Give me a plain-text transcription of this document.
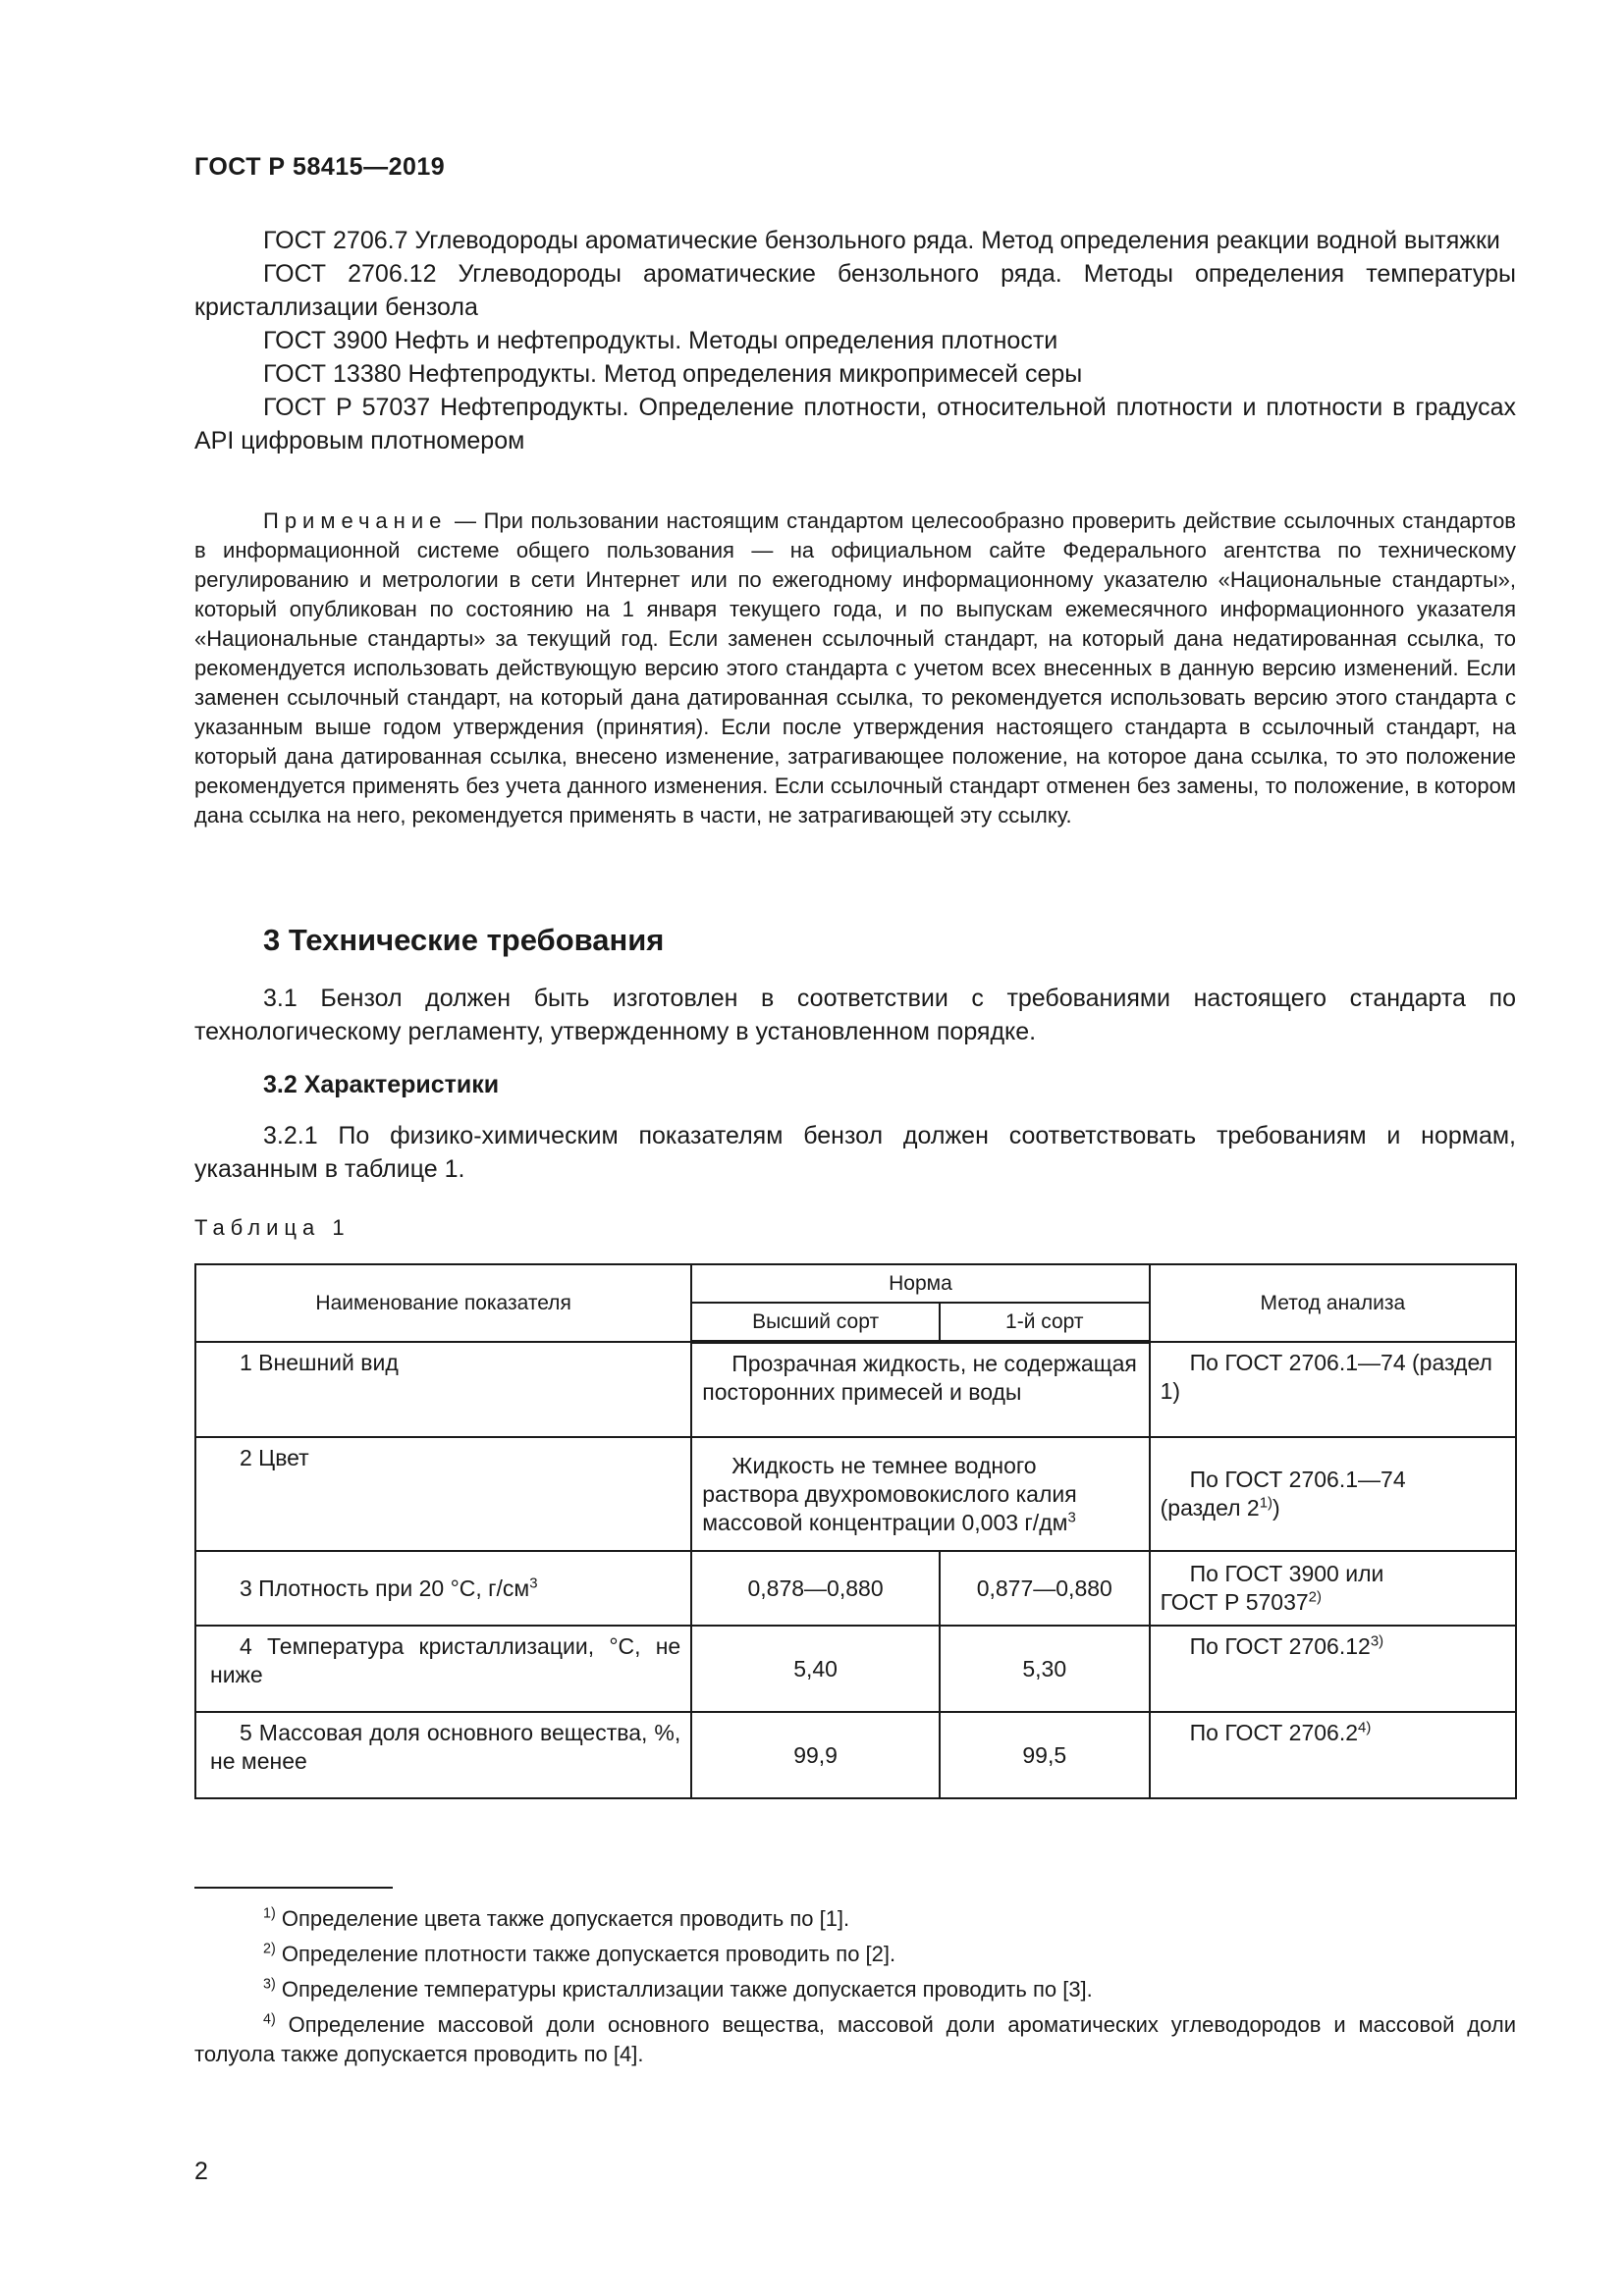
ГОСТ Р 58415—2019

ГОСТ 2706.7 Углеводороды ароматические бензольного ряда. Метод определения реакции водной вытяжки

ГОСТ 2706.12 Углеводороды ароматические бензольного ряда. Методы определения температуры кристаллизации бензола

ГОСТ 3900 Нефть и нефтепродукты. Методы определения плотности

ГОСТ 13380 Нефтепродукты. Метод определения микропримесей серы

ГОСТ Р 57037 Нефтепродукты. Определение плотности, относительной плотности и плотности в градусах API цифровым плотномером

Примечание — При пользовании настоящим стандартом целесообразно проверить действие ссылочных стандартов в информационной системе общего пользования — на официальном сайте Федерального агентства по техническому регулированию и метрологии в сети Интернет или по ежегодному информационному указателю «Национальные стандарты», который опубликован по состоянию на 1 января текущего года, и по выпускам ежемесячного информационного указателя «Национальные стандарты» за текущий год. Если заменен ссылочный стандарт, на который дана недатированная ссылка, то рекомендуется использовать действующую версию этого стандарта с учетом всех внесенных в данную версию изменений. Если заменен ссылочный стандарт, на который дана датированная ссылка, то рекомендуется использовать версию этого стандарта с указанным выше годом утверждения (принятия). Если после утверждения настоящего стандарта в ссылочный стандарт, на который дана датированная ссылка, внесено изменение, затрагивающее положение, на которое дана ссылка, то это положение рекомендуется применять без учета данного изменения. Если ссылочный стандарт отменен без замены, то положение, в котором дана ссылка на него, рекомендуется применять в части, не затрагивающей эту ссылку.
3 Технические требования
3.1 Бензол должен быть изготовлен в соответствии с требованиями настоящего стандарта по технологическому регламенту, утвержденному в установленном порядке.
3.2 Характеристики
3.2.1 По физико-химическим показателям бензол должен соответствовать требованиям и нормам, указанным в таблице 1.
Таблица 1
Наименование показателя	Норма		Метод анализа
	Высший сорт	1-й сорт	
1 Внешний вид	Прозрачная жидкость, не содержащая посторонних примесей и воды		По ГОСТ 2706.1—74 (раздел 1)
2 Цвет	Жидкость не темнее водного раствора двухромовокислого калия массовой концентрации 0,003 $г/дм^3$		По ГОСТ 2706.1—74
(раздел 2$^{1)}$)
3 Плотность при 20 °С, $г/см^3$	0,878—0,880	0,877—0,880	По ГОСТ 3900 или
ГОСТ Р 57037$^{2)}$
4 Температура кристаллизации, °С, не ниже	5,40	5,30	По ГОСТ 2706.12$^{3)}$
5 Массовая доля основного вещества, %, не менее	99,9	99,5	По ГОСТ 2706.2$^{4)}$

$^{1)}$ Определение цвета также допускается проводить по [1].

$^{2)}$ Определение плотности также допускается проводить по [2].

$^{3)}$ Определение температуры кристаллизации также допускается проводить по [3].

$^{4)}$ Определение массовой доли основного вещества, массовой доли ароматических углеводородов и массовой доли толуола также допускается проводить по [4].

2
